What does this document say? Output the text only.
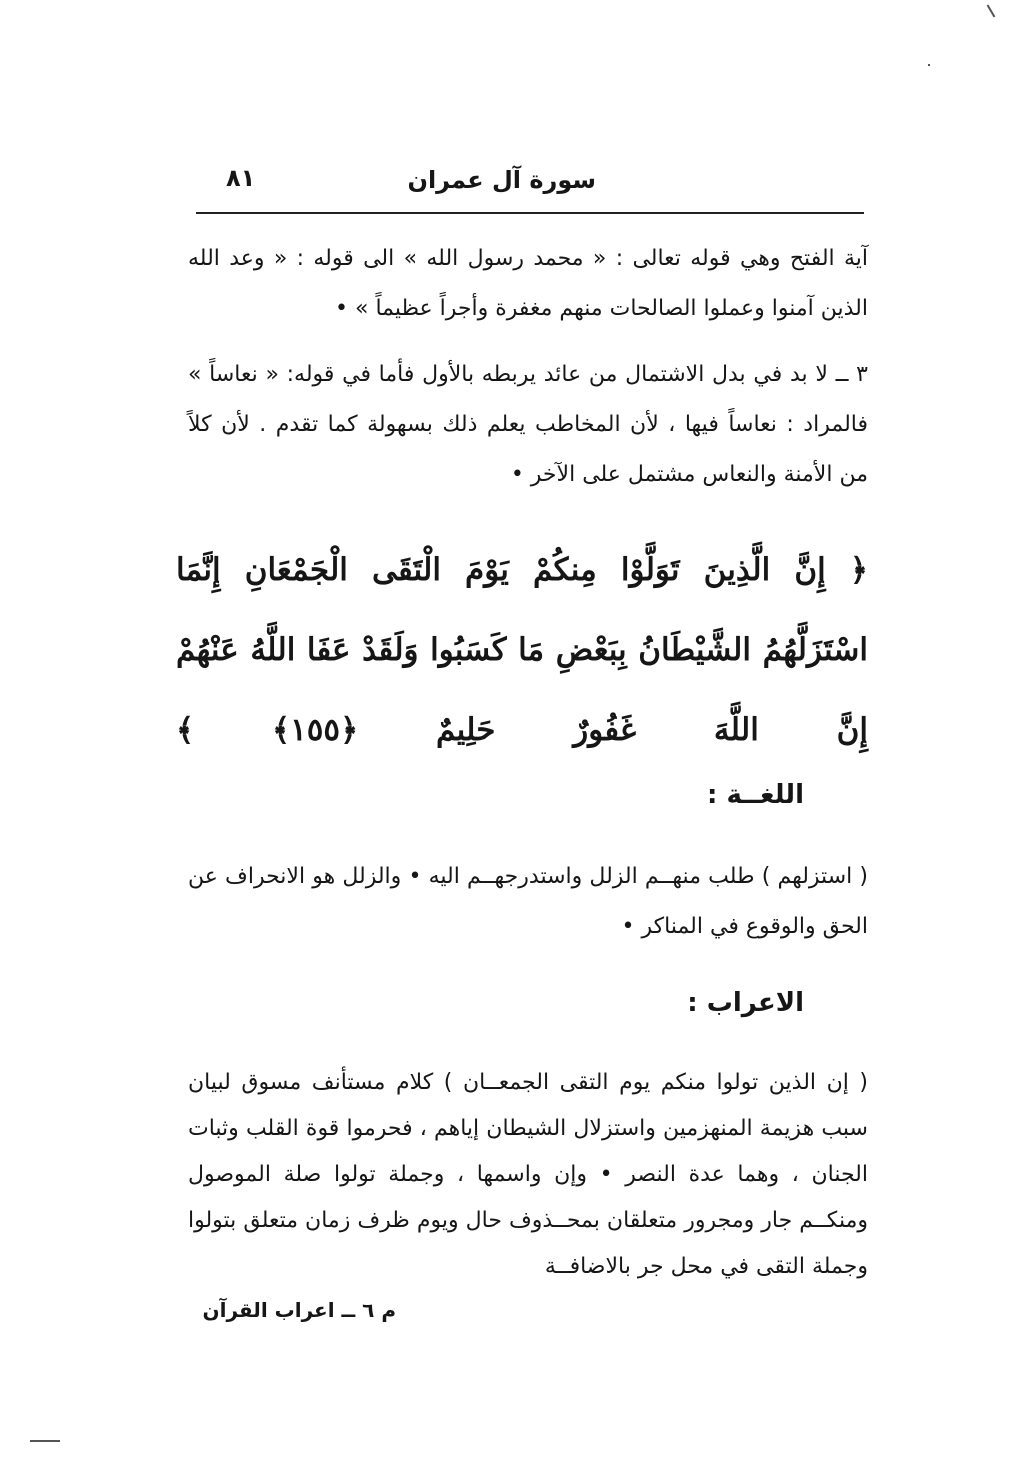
سورة آل عمران
٨١
آية الفتح وهي قوله تعالى : « محمد رسول الله » الى قوله : « وعد الله الذين آمنوا وعملوا الصالحات منهم مغفرة وأجراً عظيماً » •
٣ ــ لا بد في بدل الاشتمال من عائد يربطه بالأول فأما في قوله: « نعاساً » فالمراد : نعاساً فيها ، لأن المخاطب يعلم ذلك بسهولة كما تقدم . لأن كلاً من الأمنة والنعاس مشتمل على الآخر •
﴿ إِنَّ الَّذِينَ تَوَلَّوْا مِنكُمْ يَوْمَ الْتَقَى الْجَمْعَانِ إِنَّمَا اسْتَزَلَّهُمُ الشَّيْطَانُ بِبَعْضِ مَا كَسَبُوا وَلَقَدْ عَفَا اللَّهُ عَنْهُمْ إِنَّ اللَّهَ غَفُورٌ حَلِيمٌ ﴿١٥٥﴾ ﴾
اللغــة :
( استزلهم ) طلب منهــم الزلل واستدرجهــم اليه • والزلل هو الانحراف عن الحق والوقوع في المناكر •
الاعراب :
( إن الذين تولوا منكم يوم التقى الجمعــان ) كلام مستأنف مسوق لبيان سبب هزيمة المنهزمين واستزلال الشيطان إياهم ، فحرموا قوة القلب وثبات الجنان ، وهما عدة النصر • وإن واسمها ، وجملة تولوا صلة الموصول ومنكــم جار ومجرور متعلقان بمحــذوف حال ويوم ظرف زمان متعلق بتولوا وجملة التقى في محل جر بالاضافــة
م ٦ ــ اعراب القرآن
